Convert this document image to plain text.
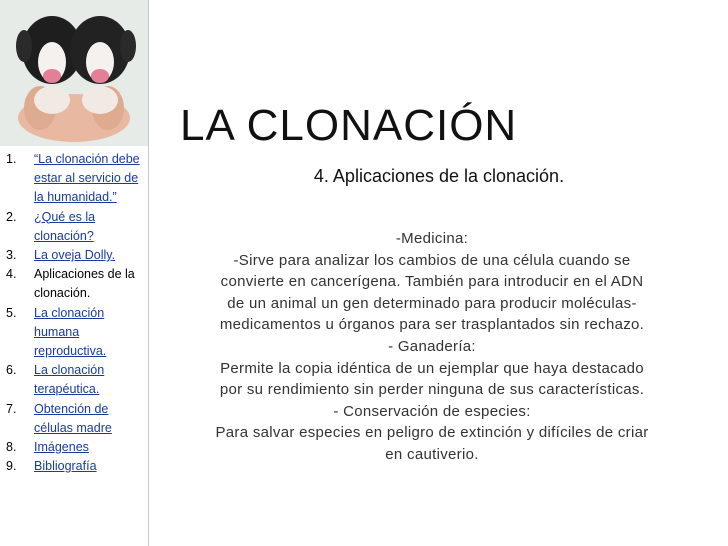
1. “La clonación debe estar al servicio de la humanidad.”
2. ¿Qué es la clonación?
3. La oveja Dolly.
4. Aplicaciones de la clonación.
5. La clonación humana reproductiva.
6. La clonación terapéutica.
7. Obtención de células madre
8. Imágenes
9. Bibliografía
LA CLONACIÓN
4. Aplicaciones de la clonación.

-Medicina:

-Sirve para analizar los cambios de una célula cuando se convierte en cancerígena. También para introducir en el ADN de un animal un gen determinado para producir moléculas-medicamentos u órganos para ser trasplantados sin rechazo.

- Ganadería:

Permite la copia idéntica de un ejemplar que haya destacado por su rendimiento sin perder ninguna de sus características.

- Conservación de especies:

Para salvar especies en peligro de extinción y difíciles de criar en cautiverio.
